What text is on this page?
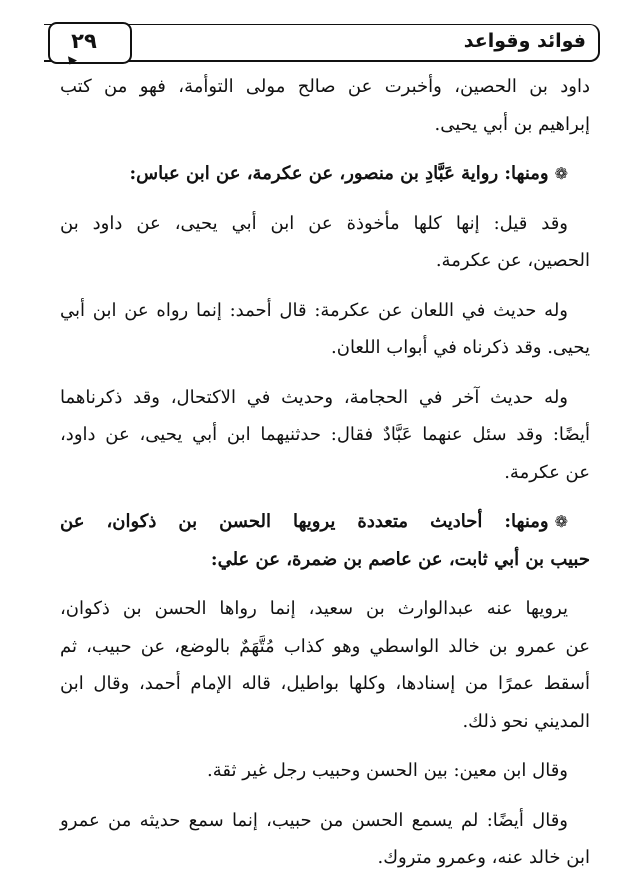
فوائد وقواعد
٢٩
داود بن الحصين، وأخبرت عن صالح مولى التوأمة، فهو من كتب
إبراهيم بن أبي يحيى.
❁ومنها: رواية عَبَّادِ بن منصور، عن عكرمة، عن ابن عباس:
وقد قيل: إنها كلها مأخوذة عن ابن أبي يحيى، عن داود بن
الحصين، عن عكرمة.
وله حديث في اللعان عن عكرمة: قال أحمد: إنما رواه عن ابن أبي
يحيى. وقد ذكرناه في أبواب اللعان.
وله حديث آخر في الحجامة، وحديث في الاكتحال، وقد ذكرناهما
أيضًا: وقد سئل عنهما عَبَّادٌ فقال: حدثنيهما ابن أبي يحيى، عن داود،
عن عكرمة.
❁ومنها: أحاديث متعددة يرويها الحسن بن ذكوان، عن
حبيب بن أبي ثابت، عن عاصم بن ضمرة، عن علي:
يرويها عنه عبدالوارث بن سعيد، إنما رواها الحسن بن ذكوان،
عن عمرو بن خالد الواسطي وهو كذاب مُتَّهَمٌ بالوضع، عن حبيب، ثم
أسقط عمرًا من إسنادها، وكلها بواطيل، قاله الإمام أحمد، وقال ابن
المديني نحو ذلك.
وقال ابن معين: بين الحسن وحبيب رجل غير ثقة.
وقال أيضًا: لم يسمع الحسن من حبيب، إنما سمع حديثه من عمرو
ابن خالد عنه، وعمرو متروك.
